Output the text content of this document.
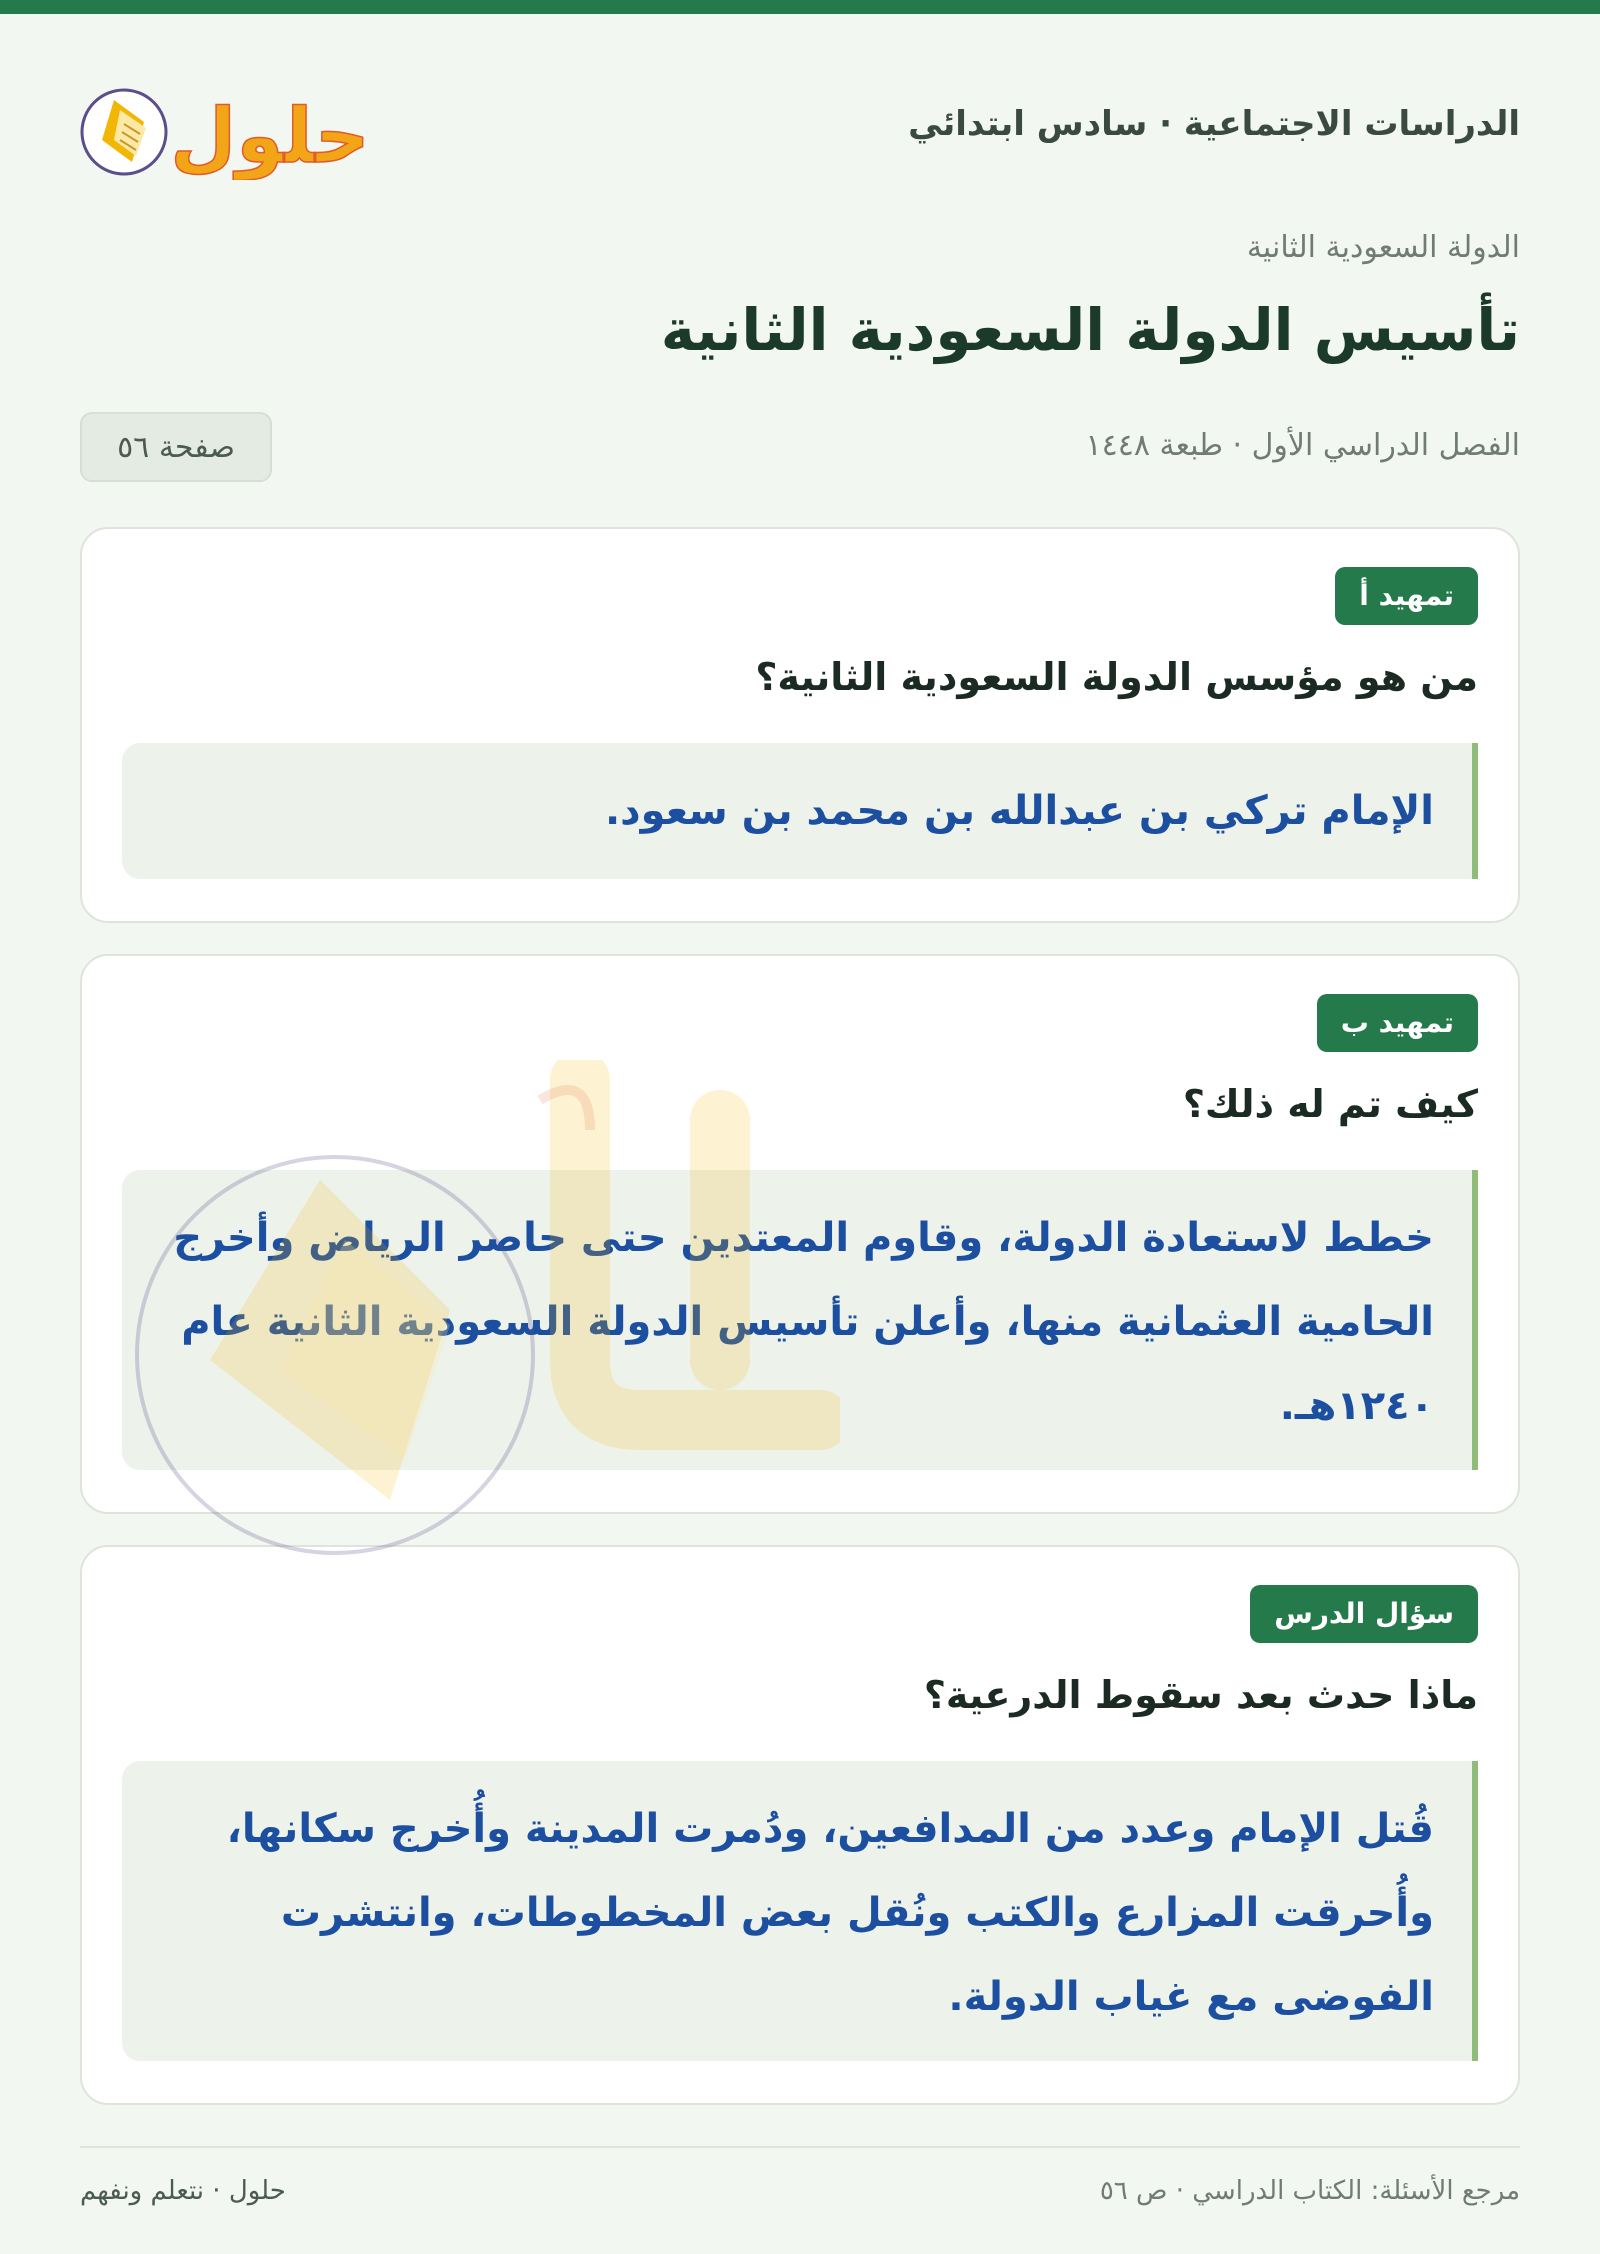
الدراسات الاجتماعية · سادس ابتدائي
حلول
الدولة السعودية الثانية
تأسيس الدولة السعودية الثانية
الفصل الدراسي الأول · طبعة ١٤٤٨
صفحة ٥٦
تمهيد أ
من هو مؤسس الدولة السعودية الثانية؟
الإمام تركي بن عبدالله بن محمد بن سعود.
تمهيد ب
كيف تم له ذلك؟
خطط لاستعادة الدولة، وقاوم المعتدين حتى حاصر الرياض وأخرج الحامية العثمانية منها، وأعلن تأسيس الدولة السعودية الثانية عام ١٢٤٠هـ.
سؤال الدرس
ماذا حدث بعد سقوط الدرعية؟
قُتل الإمام وعدد من المدافعين، ودُمرت المدينة وأُخرج سكانها، وأُحرقت المزارع والكتب ونُقل بعض المخطوطات، وانتشرت الفوضى مع غياب الدولة.
مرجع الأسئلة: الكتاب الدراسي · ص ٥٦
حلول · نتعلم ونفهم
